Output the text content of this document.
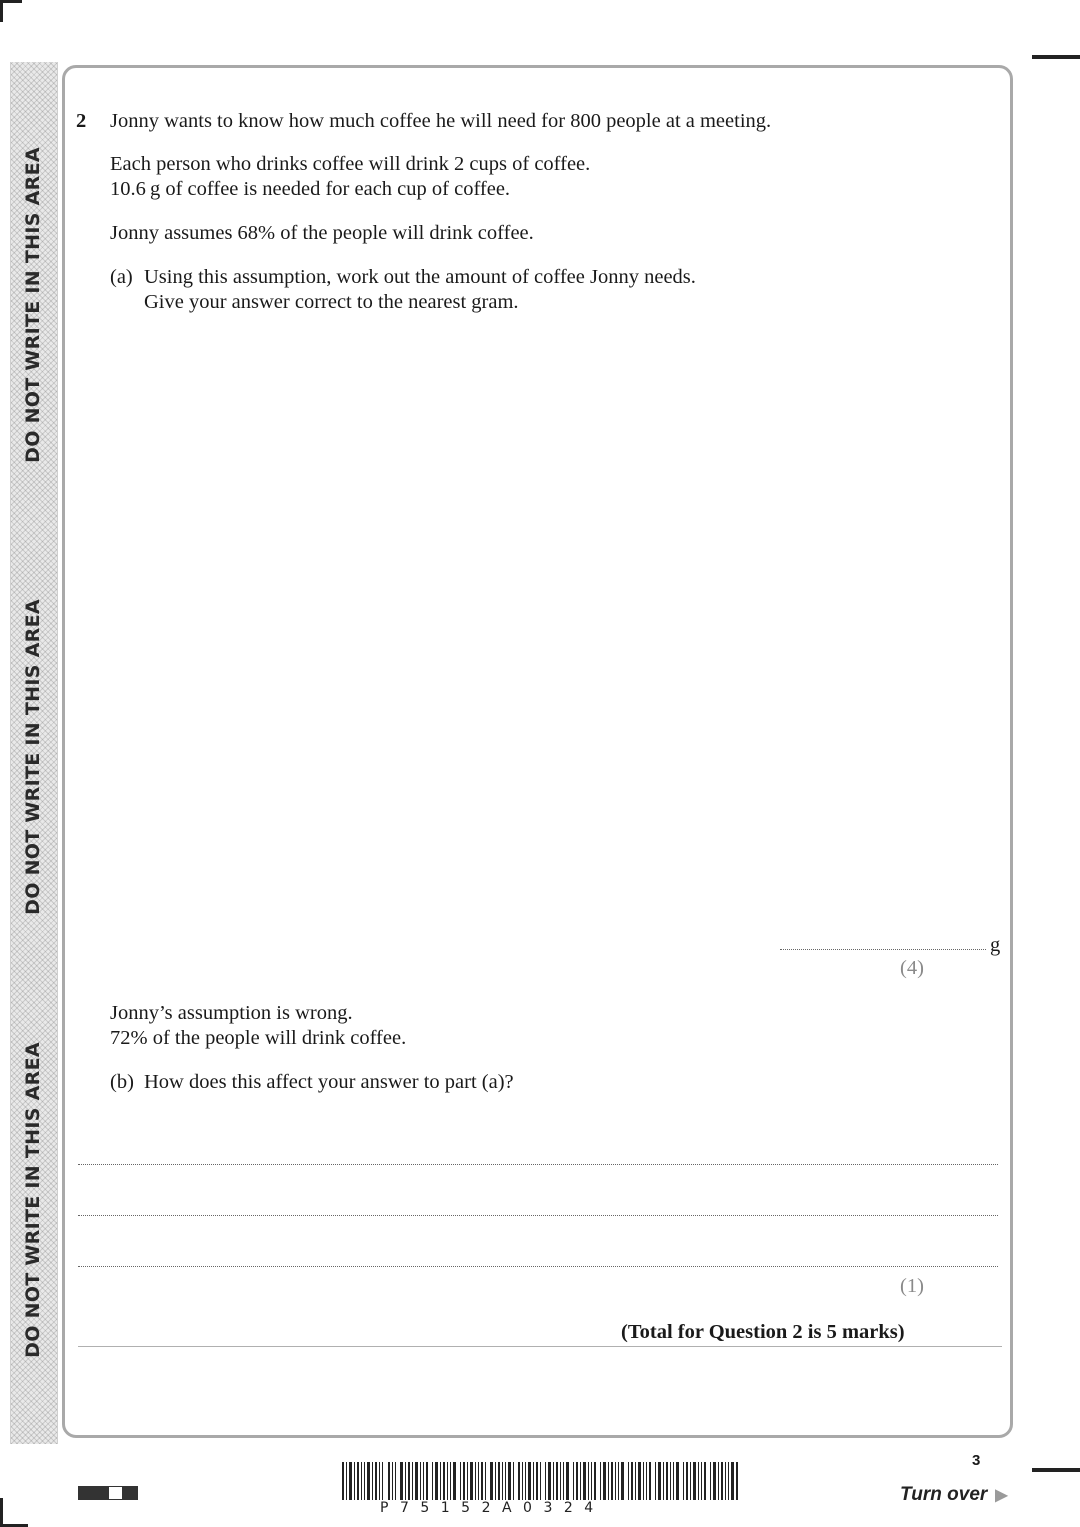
DO NOT WRITE IN THIS AREA
DO NOT WRITE IN THIS AREA
DO NOT WRITE IN THIS AREA
2 Jonny wants to know how much coffee he will need for 800 people at a meeting.
Each person who drinks coffee will drink 2 cups of coffee.
10.6 g of coffee is needed for each cup of coffee.
Jonny assumes 68% of the people will drink coffee.
(a) Using this assumption, work out the amount of coffee Jonny needs.
Give your answer correct to the nearest gram.
g
(4)
Jonny’s assumption is wrong.
72% of the people will drink coffee.
(b) How does this affect your answer to part (a)?
(1)
(Total for Question 2 is 5 marks)
P75152A0324
3
Turn over ▶
